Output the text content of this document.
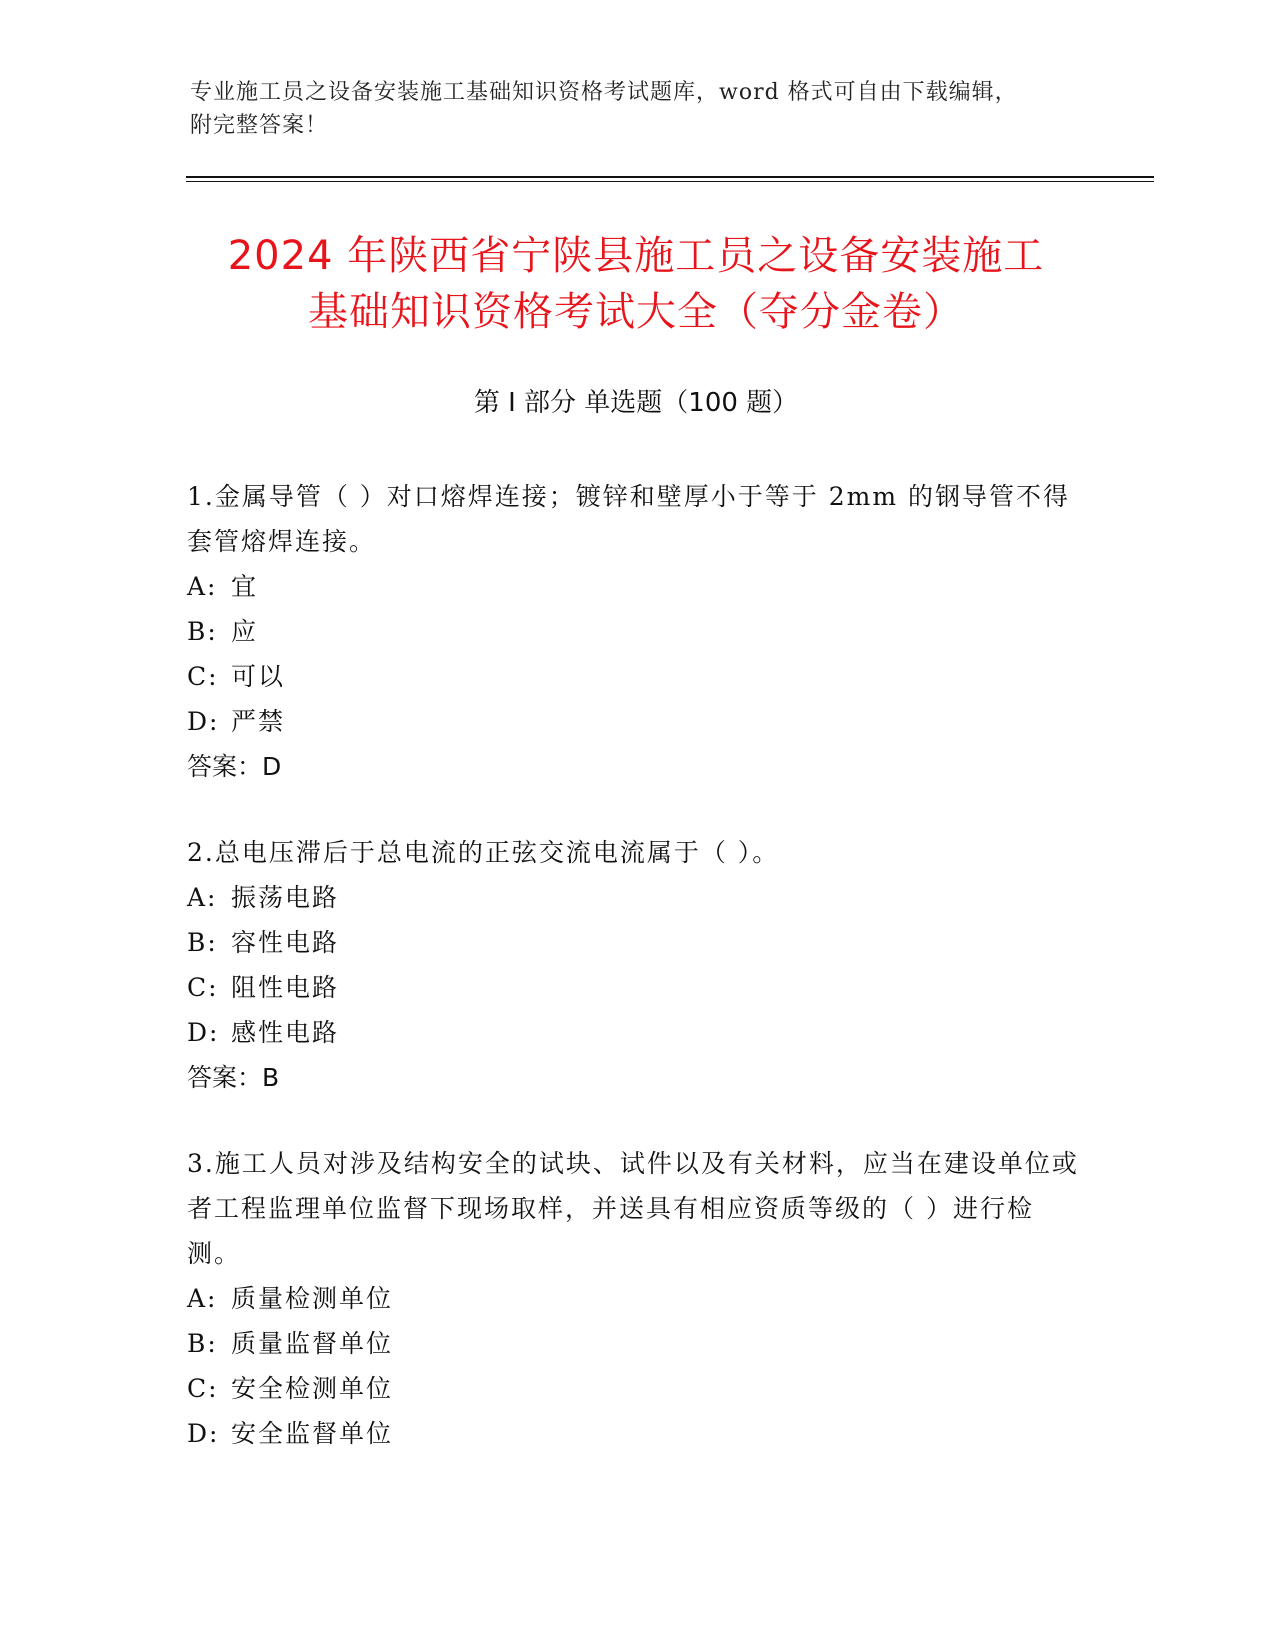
专业施工员之设备安装施工基础知识资格考试题库，word 格式可自由下载编辑，
附完整答案！
2024 年陕西省宁陕县施工员之设备安装施工
基础知识资格考试大全（夺分金卷）
第 I 部分 单选题（100 题）

1.金属导管（ ）对口熔焊连接；镀锌和壁厚小于等于 2mm 的钢导管不得套管熔焊连接。

A: 宜

B: 应

C: 可以

D: 严禁

答案：D

2.总电压滞后于总电流的正弦交流电流属于（ ）。

A: 振荡电路

B: 容性电路

C: 阻性电路

D: 感性电路

答案：B

3.施工人员对涉及结构安全的试块、试件以及有关材料，应当在建设单位或者工程监理单位监督下现场取样，并送具有相应资质等级的（ ）进行检测。

A: 质量检测单位

B: 质量监督单位

C: 安全检测单位

D: 安全监督单位
